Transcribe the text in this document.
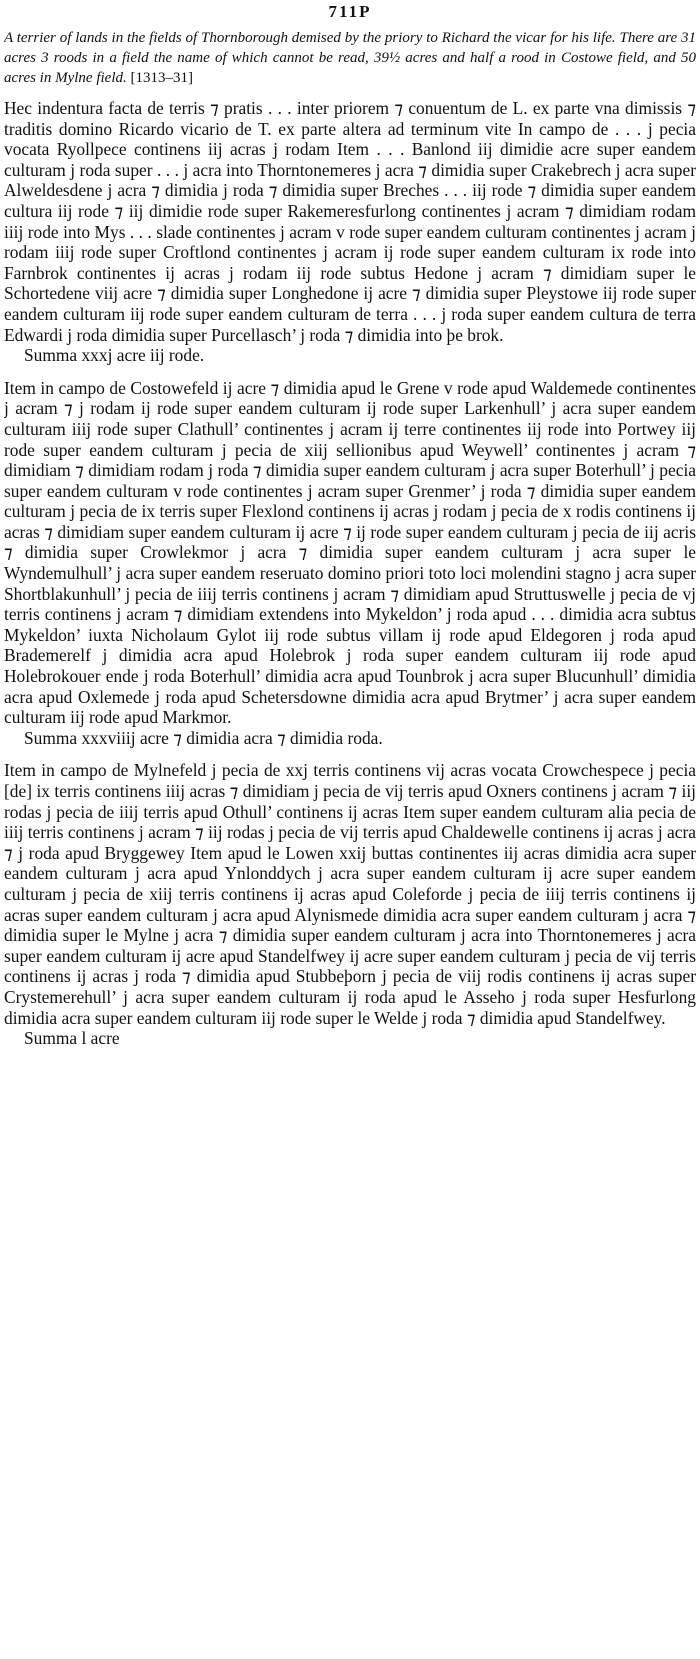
711P

A terrier of lands in the fields of Thornborough demised by the priory to Richard the vicar for his life. There are 31 acres 3 roods in a field the name of which cannot be read, 39½ acres and half a rood in Costowe field, and 50 acres in Mylne field. [1313–31]

Hec indentura facta de terris ⁊ pratis . . . inter priorem ⁊ conuentum de L. ex parte vna dimissis ⁊ traditis domino Ricardo vicario de T. ex parte altera ad terminum vite In campo de . . . j pecia vocata Ryollpece continens iij acras j rodam Item . . . Banlond iij dimidie acre super eandem culturam j roda super . . . j acra into Thorntonemeres j acra ⁊ dimidia super Crakebrech j acra super Alweldesdene j acra ⁊ dimidia j roda ⁊ dimidia super Breches . . . iij rode ⁊ dimidia super eandem cultura iij rode ⁊ iij dimidie rode super Rakemeresfurlong continentes j acram ⁊ dimidiam rodam iiij rode into Mys . . . slade continentes j acram v rode super eandem culturam continentes j acram j rodam iiij rode super Croftlond continentes j acram ij rode super eandem culturam ix rode into Farnbrok continentes ij acras j rodam iij rode subtus Hedone j acram ⁊ dimidiam super le Schortedene viij acre ⁊ dimidia super Longhedone ij acre ⁊ dimidia super Pleystowe iij rode super eandem culturam iij rode super eandem culturam de terra . . . j roda super eandem cultura de terra Edwardi j roda dimidia super Purcellasch’ j roda ⁊ dimidia into þe brok.

Summa xxxj acre iij rode.

Item in campo de Costowefeld ij acre ⁊ dimidia apud le Grene v rode apud Waldemede continentes j acram ⁊ j rodam ij rode super eandem culturam ij rode super Larkenhull’ j acra super eandem culturam iiij rode super Clathull’ continentes j acram ij terre continentes iij rode into Portwey iij rode super eandem culturam j pecia de xiij sellionibus apud Weywell’ continentes j acram ⁊ dimidiam ⁊ dimidiam rodam j roda ⁊ dimidia super eandem culturam j acra super Boterhull’ j pecia super eandem culturam v rode continentes j acram super Grenmer’ j roda ⁊ dimidia super eandem culturam j pecia de ix terris super Flexlond continens ij acras j rodam j pecia de x rodis continens ij acras ⁊ dimidiam super eandem culturam ij acre ⁊ ij rode super eandem culturam j pecia de iij acris ⁊ dimidia super Crowlekmor j acra ⁊ dimidia super eandem culturam j acra super le Wyndemulhull’ j acra super eandem reseruato domino priori toto loci molendini stagno j acra super Shortblakunhull’ j pecia de iiij terris continens j acram ⁊ dimidiam apud Struttuswelle j pecia de vj terris continens j acram ⁊ dimidiam extendens into Mykeldon’ j roda apud . . . dimidia acra subtus Mykeldon’ iuxta Nicholaum Gylot iij rode subtus villam ij rode apud Eldegoren j roda apud Brademerelf j dimidia acra apud Holebrok j roda super eandem culturam iij rode apud Holebrokouer ende j roda Boterhull’ dimidia acra apud Tounbrok j acra super Blucunhull’ dimidia acra apud Oxlemede j roda apud Schetersdowne dimidia acra apud Brytmer’ j acra super eandem culturam iij rode apud Markmor.

Summa xxxviiij acre ⁊ dimidia acra ⁊ dimidia roda.

Item in campo de Mylnefeld j pecia de xxj terris continens vij acras vocata Crowchespece j pecia [de] ix terris continens iiij acras ⁊ dimidiam j pecia de vij terris apud Oxners continens j acram ⁊ iij rodas j pecia de iiij terris apud Othull’ continens ij acras Item super eandem culturam alia pecia de iiij terris continens j acram ⁊ iij rodas j pecia de vij terris apud Chaldewelle continens ij acras j acra ⁊ j roda apud Bryggewey Item apud le Lowen xxij buttas continentes iij acras dimidia acra super eandem culturam j acra apud Ynlonddych j acra super eandem culturam ij acre super eandem culturam j pecia de xiij terris continens ij acras apud Coleforde j pecia de iiij terris continens ij acras super eandem culturam j acra apud Alynismede dimidia acra super eandem culturam j acra ⁊ dimidia super le Mylne j acra ⁊ dimidia super eandem culturam j acra into Thorntonemeres j acra super eandem culturam ij acre apud Standelfwey ij acre super eandem culturam j pecia de vij terris continens ij acras j roda ⁊ dimidia apud Stubbeþorn j pecia de viij rodis continens ij acras super Crystemerehull’ j acra super eandem culturam ij roda apud le Asseho j roda super Hesfurlong dimidia acra super eandem culturam iij rode super le Welde j roda ⁊ dimidia apud Standelfwey.

Summa l acre
